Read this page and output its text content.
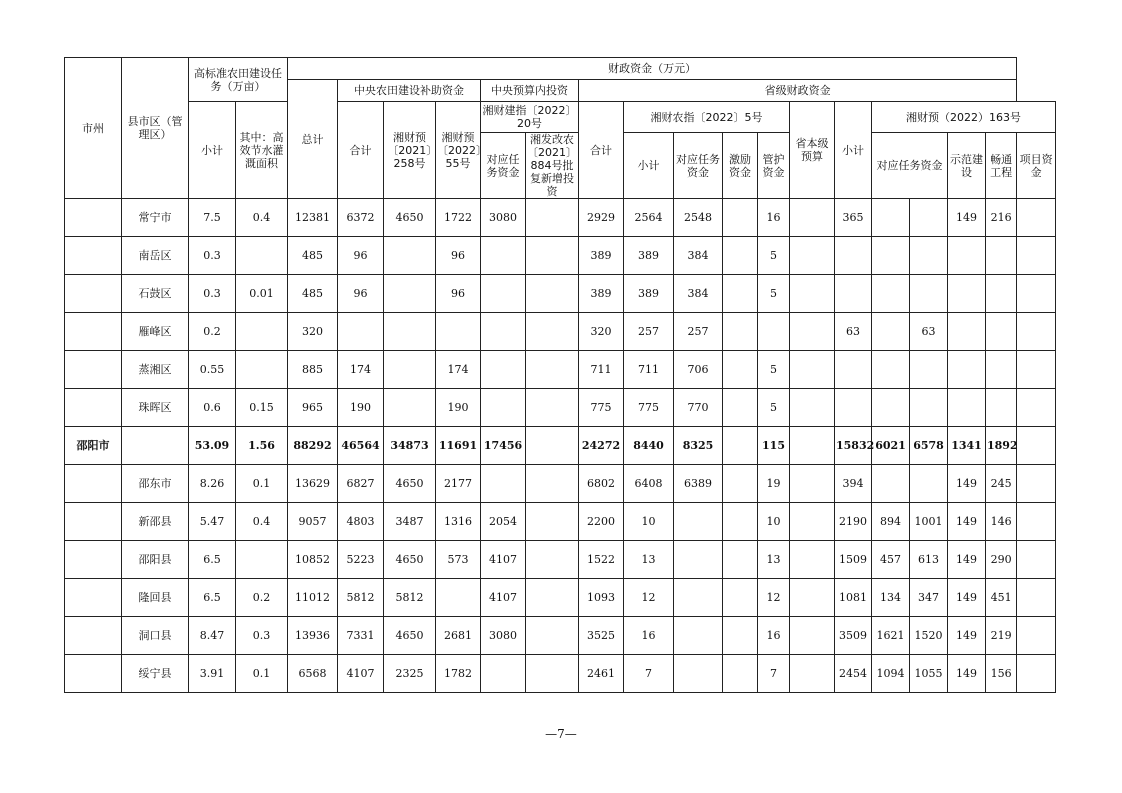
市州	县市区（管理区）	高标准农田建设任务（万亩）		财政资金（万元）																	
				总计	中央农田建设补助资金			中央预算内投资		省级财政资金											
		小计	其中：高效节水灌溉面积		合计	湘财预〔2021〕258号	湘财预〔2022〕55号	湘财建指〔2022〕20号		合计	湘财农指〔2022〕5号				省本级预算	小计	湘财预（2022）163号				
								对应任务资金	湘发改农〔2021〕884号批复新增投资		小计	对应任务资金	激励资金	管护资金			对应任务资金		示范建设	畅通工程	项目资金
	常宁市	7.5	0.4	12381	6372	4650	1722	3080		2929	2564	2548		16		365			149	216	
	南岳区	0.3		485	96		96			389	389	384		5							
	石鼓区	0.3	0.01	485	96		96			389	389	384		5							
	雁峰区	0.2		320						320	257	257				63		63			
	蒸湘区	0.55		885	174		174			711	711	706		5							
	珠晖区	0.6	0.15	965	190		190			775	775	770		5							
邵阳市		53.09	1.56	88292	46564	34873	11691	17456		24272	8440	8325		115		15832	6021	6578	1341	1892	
	邵东市	8.26	0.1	13629	6827	4650	2177			6802	6408	6389		19		394			149	245	
	新邵县	5.47	0.4	9057	4803	3487	1316	2054		2200	10			10		2190	894	1001	149	146	
	邵阳县	6.5		10852	5223	4650	573	4107		1522	13			13		1509	457	613	149	290	
	隆回县	6.5	0.2	11012	5812	5812		4107		1093	12			12		1081	134	347	149	451	
	洞口县	8.47	0.3	13936	7331	4650	2681	3080		3525	16			16		3509	1621	1520	149	219	
	绥宁县	3.91	0.1	6568	4107	2325	1782			2461	7			7		2454	1094	1055	149	156	
—7—
